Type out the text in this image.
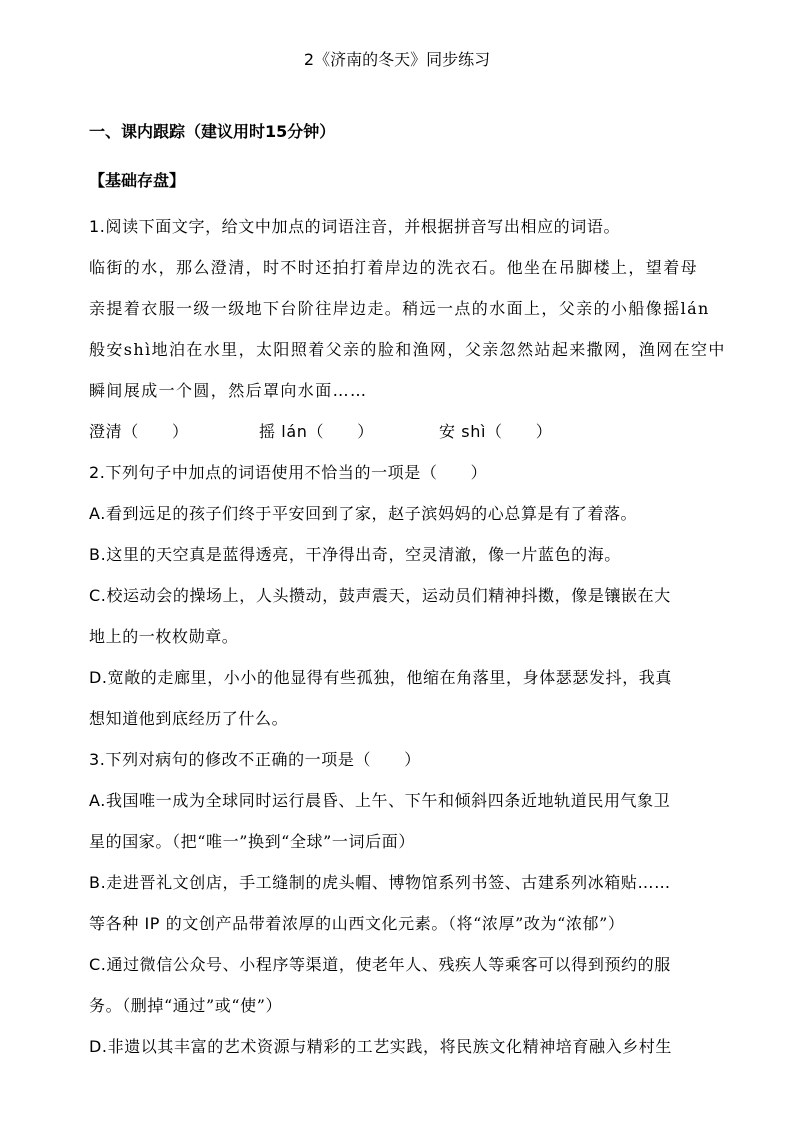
2《济南的冬天》同步练习
一、课内跟踪（建议用时15分钟）
【基础存盘】

1.阅读下面文字，给文中加点的词语注音，并根据拼音写出相应的词语。

临街的水，那么澄清，时不时还拍打着岸边的洗衣石。他坐在吊脚楼上，望着母
亲提着衣服一级一级地下台阶往岸边走。稍远一点的水面上，父亲的小船像摇lán
般安shì地泊在水里，太阳照着父亲的脸和渔网，父亲忽然站起来撒网，渔网在空中
瞬间展成一个圆，然后罩向水面……
澄清（　　）	摇 lán（　　）	安 shì（　　）

2.下列句子中加点的词语使用不恰当的一项是（　　）

A.看到远足的孩子们终于平安回到了家，赵子滨妈妈的心总算是有了着落。

B.这里的天空真是蓝得透亮，干净得出奇，空灵清澈，像一片蓝色的海。

C.校运动会的操场上，人头攒动，鼓声震天，运动员们精神抖擞，像是镶嵌在大
地上的一枚枚勋章。

D.宽敞的走廊里，小小的他显得有些孤独，他缩在角落里，身体瑟瑟发抖，我真
想知道他到底经历了什么。

3.下列对病句的修改不正确的一项是（　　）

A.我国唯一成为全球同时运行晨昏、上午、下午和倾斜四条近地轨道民用气象卫
星的国家。（把“唯一”换到“全球”一词后面）

B.走进晋礼文创店，手工缝制的虎头帽、博物馆系列书签、古建系列冰箱贴……
等各种 IP 的文创产品带着浓厚的山西文化元素。（将“浓厚”改为“浓郁”）

C.通过微信公众号、小程序等渠道，使老年人、残疾人等乘客可以得到预约的服
务。（删掉“通过”或“使”）

D.非遗以其丰富的艺术资源与精彩的工艺实践，将民族文化精神培育融入乡村生
